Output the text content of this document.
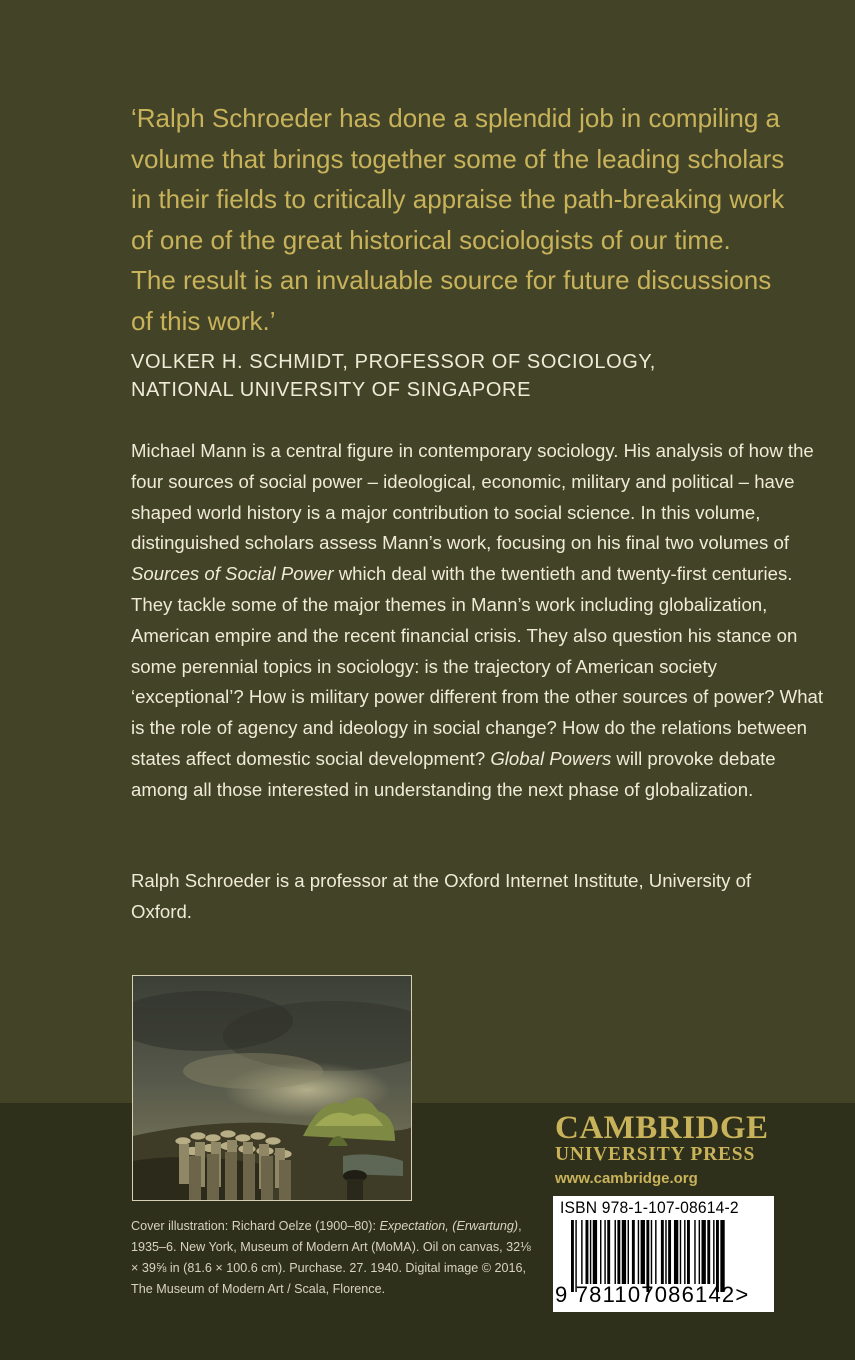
‘Ralph Schroeder has done a splendid job in compiling a
volume that brings together some of the leading scholars
in their fields to critically appraise the path-breaking work
of one of the great historical sociologists of our time.
The result is an invaluable source for future discussions
of this work.’
VOLKER H. SCHMIDT, PROFESSOR OF SOCIOLOGY,
NATIONAL UNIVERSITY OF SINGAPORE
Michael Mann is a central figure in contemporary sociology. His analysis of how the four sources of social power – ideological, economic, military and political – have shaped world history is a major contribution to social science. In this volume, distinguished scholars assess Mann’s work, focusing on his final two volumes of Sources of Social Power which deal with the twentieth and twenty-first centuries. They tackle some of the major themes in Mann’s work including globalization, American empire and the recent financial crisis. They also question his stance on some perennial topics in sociology: is the trajectory of American society ‘exceptional’? How is military power different from the other sources of power? What is the role of agency and ideology in social change? How do the relations between states affect domestic social development? Global Powers will provoke debate among all those interested in understanding the next phase of globalization.
Ralph Schroeder is a professor at the Oxford Internet Institute, University of Oxford.
Cover illustration: Richard Oelze (1900–80): Expectation, (Erwartung), 1935–6. New York, Museum of Modern Art (MoMA). Oil on canvas, 32⅛ × 39⅝ in (81.6 × 100.6 cm). Purchase. 27. 1940. Digital image © 2016, The Museum of Modern Art / Scala, Florence.
CAMBRIDGE
UNIVERSITY PRESS
www.cambridge.org
ISBN 978-1-107-08614-2
9 781107086142>
